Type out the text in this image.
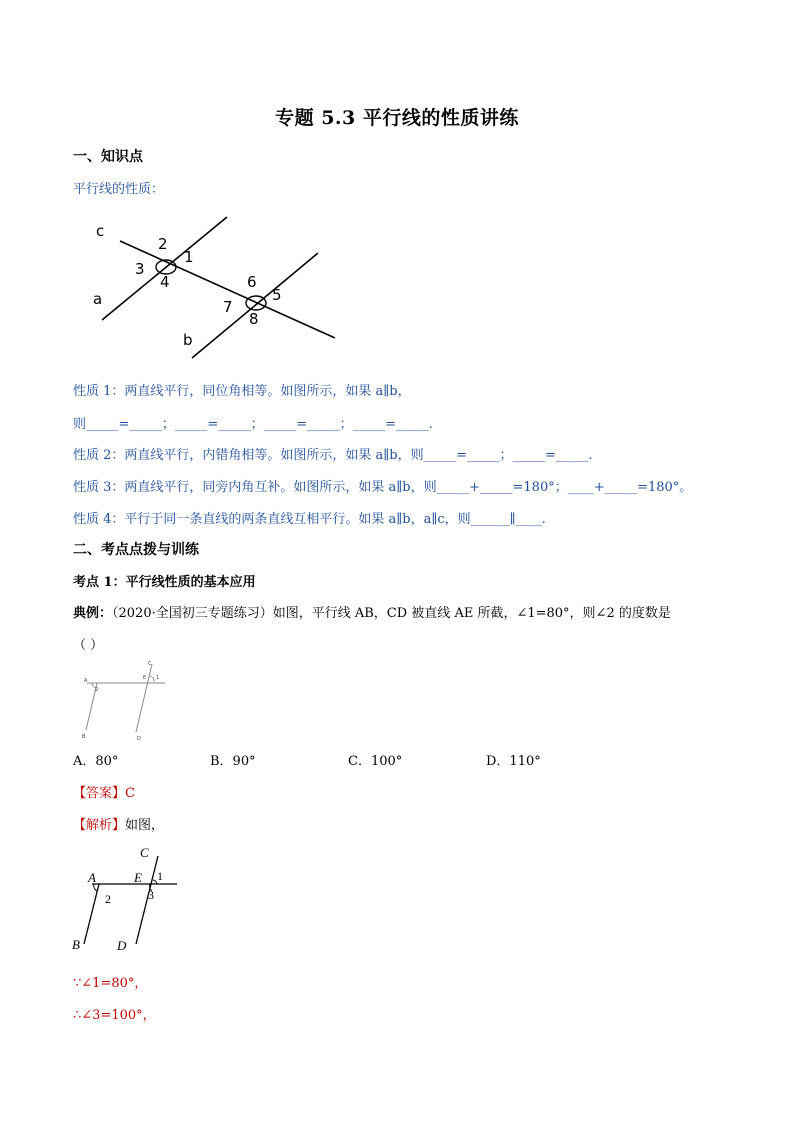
专题 5.3 平行线的性质讲练
一、知识点
平行线的性质：
c
a
b
2
1
3
4	6
5
7
8
性质 1：两直线平行，同位角相等。如图所示，如果 a∥b，
则_____=_____；_____=_____；_____=_____；_____=_____.
性质 2：两直线平行，内错角相等。如图所示，如果 a∥b，则_____=_____；_____=_____.
性质 3：两直线平行，同旁内角互补。如图所示，如果 a∥b，则_____+_____=180°；____+_____=180°。
性质 4：平行于同一条直线的两条直线互相平行。如果 a∥b，a∥c，则______∥____.
二、考点点拨与训练
考点 1：平行线性质的基本应用
典例：（2020·全国初三专题练习）如图，平行线 AB，CD 被直线 AE 所截，∠1=80°，则∠2 的度数是
（ ）
A
2
B
C
E 1
D
A．80°	B．90°	C．100°	D．110°
【答案】C
【解析】如图，
A
2
B
C
E 1
3
D
∵∠1=80°，
∴∠3=100°，
